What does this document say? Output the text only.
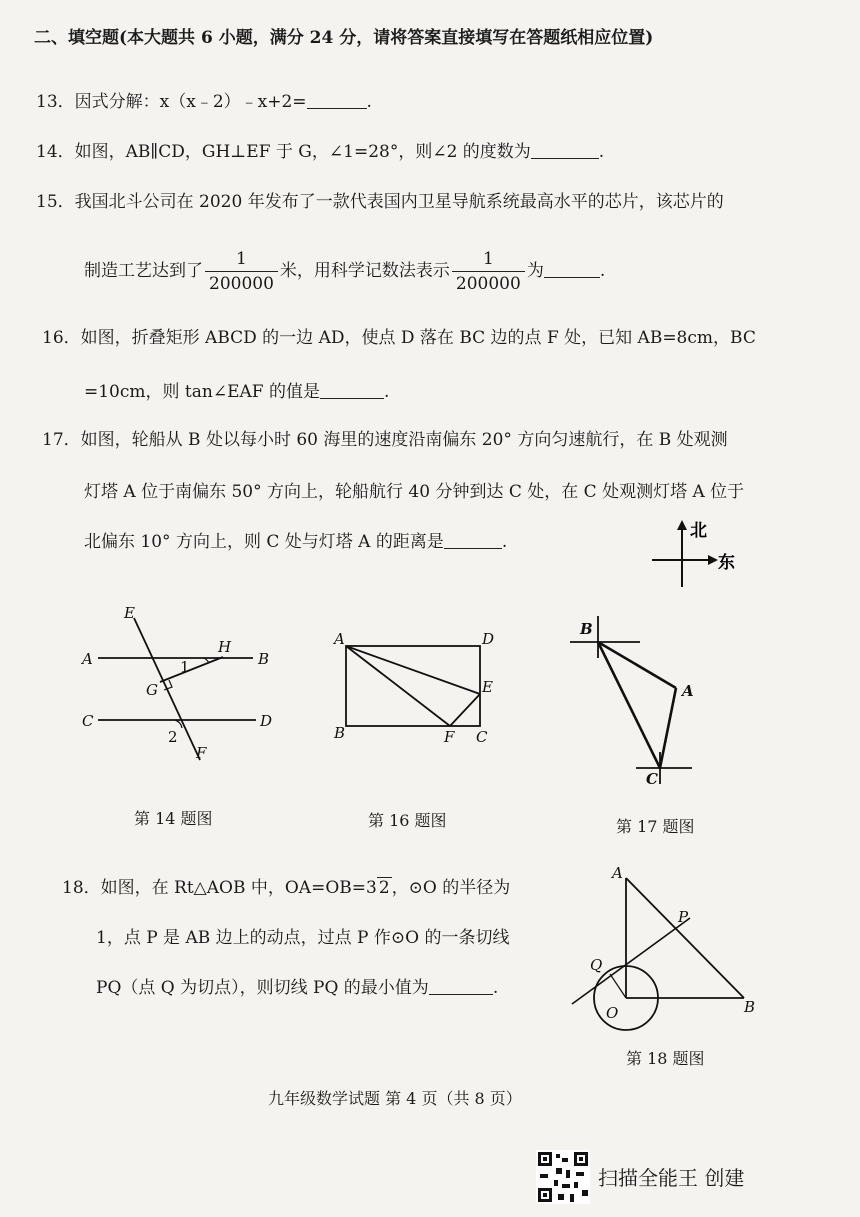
二、填空题(本大题共 6 小题，满分 24 分，请将答案直接填写在答题纸相应位置)
13．因式分解：x（x﹣2）﹣x+2=	.
14．如图，AB∥CD，GH⊥EF 于 G，∠1=28°，则∠2 的度数为	.
15．我国北斗公司在 2020 年发布了一款代表国内卫星导航系统最高水平的芯片，该芯片的
制造工艺达到了 $\frac{1}{200000}$ 米，用科学记数法表示 $\frac{1}{200000}$ 为	.
16．如图，折叠矩形 ABCD 的一边 AD，使点 D 落在 BC 边的点 F 处，已知 AB=8cm，BC
=10cm，则 tan∠EAF 的值是	.
17．如图，轮船从 B 处以每小时 60 海里的速度沿南偏东 20° 方向匀速航行，在 B 处观测
灯塔 A 位于南偏东 50° 方向上，轮船航行 40 分钟到达 C 处，在 C 处观测灯塔 A 位于
北偏东 10° 方向上，则 C 处与灯塔 A 的距离是	.
北
东
E
A
H
B
1
G
C	D
2
F
第 14 题图
A	D
E
B	F C
第 16 题图
B
A
C
第 17 题图
18．如图，在 Rt△AOB 中，OA=OB=3 2 ，⊙O 的半径为
1，点 P 是 AB 边上的动点，过点 P 作⊙O 的一条切线
PQ（点 Q 为切点），则切线 PQ 的最小值为	.
A
P
Q
O	B
第 18 题图
九年级数学试题 第 4 页（共 8 页）
扫描全能王 创建
